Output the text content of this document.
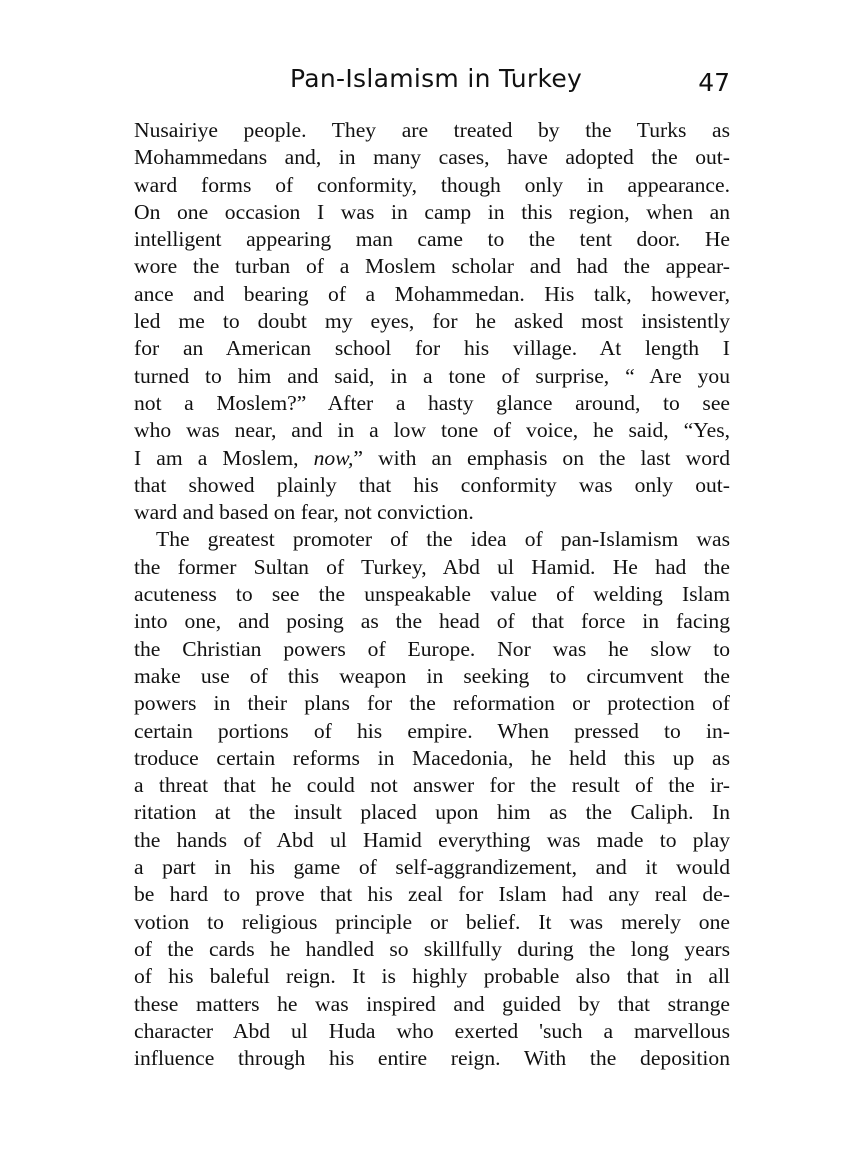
Pan-Islamism in Turkey	47
Nusairiye people. They are treated by the Turks as
Mohammedans and, in many cases, have adopted the out-
ward forms of conformity, though only in appearance.
On one occasion I was in camp in this region, when an
intelligent appearing man came to the tent door. He
wore the turban of a Moslem scholar and had the appear-
ance and bearing of a Mohammedan. His talk, however,
led me to doubt my eyes, for he asked most insistently
for an American school for his village. At length I
turned to him and said, in a tone of surprise, “ Are you
not a Moslem?” After a hasty glance around, to see
who was near, and in a low tone of voice, he said, “Yes,
I am a Moslem, now,” with an emphasis on the last word
that showed plainly that his conformity was only out-
ward and based on fear, not conviction.
The greatest promoter of the idea of pan-Islamism was
the former Sultan of Turkey, Abd ul Hamid. He had the
acuteness to see the unspeakable value of welding Islam
into one, and posing as the head of that force in facing
the Christian powers of Europe. Nor was he slow to
make use of this weapon in seeking to circumvent the
powers in their plans for the reformation or protection of
certain portions of his empire. When pressed to in-
troduce certain reforms in Macedonia, he held this up as
a threat that he could not answer for the result of the ir-
ritation at the insult placed upon him as the Caliph. In
the hands of Abd ul Hamid everything was made to play
a part in his game of self-aggrandizement, and it would
be hard to prove that his zeal for Islam had any real de-
votion to religious principle or belief. It was merely one
of the cards he handled so skillfully during the long years
of his baleful reign. It is highly probable also that in all
these matters he was inspired and guided by that strange
character Abd ul Huda who exerted 'such a marvellous
influence through his entire reign. With the deposition
